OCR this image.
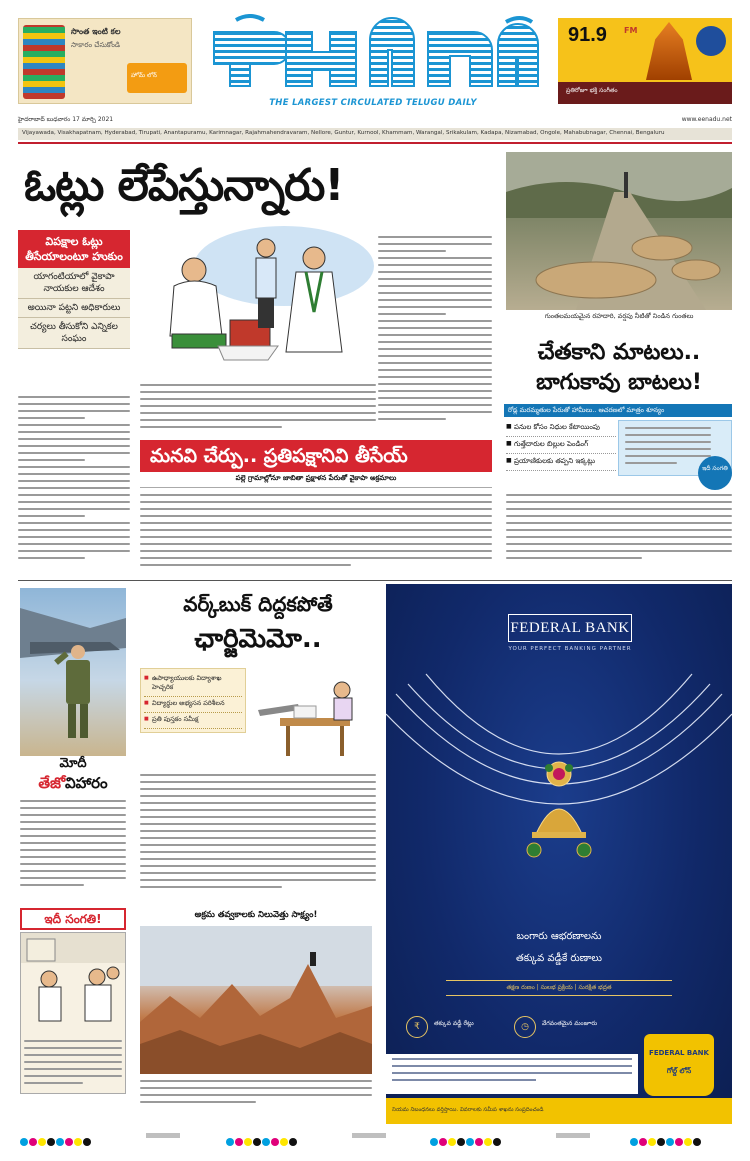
సొంత ఇంటి కల
సాకారం చేసుకోండి
హోమ్ లోన్
THE LARGEST CIRCULATED TELUGU DAILY
91.9 FM
ప్రతిరోజూ భక్తి సంగీతం
హైదరాబాద్ బుధవారం 17 మార్చి 2021	www.eenadu.net
Vijayawada, Visakhapatnam, Hyderabad, Tirupati, Anantapuramu, Karimnagar, Rajahmahendravaram, Nellore, Guntur, Kurnool, Khammam, Warangal, Srikakulam, Kadapa, Nizamabad, Ongole, Mahabubnagar, Chennai, Bengaluru
ఓట్లు లేపేస్తున్నారు!
విపక్షాల ఓట్లు తీసేయాలంటూ హుకుం
యాగంటియాలో వైకాపా నాయకుల ఆదేశం
అయినా పట్టని అధికారులు
చర్యలు తీసుకోని ఎన్నికల సంఘం
మనవి చేర్పు.. ప్రతిపక్షానివి తీసేయ్
పల్లె గ్రామాల్లోనూ జాబితా ప్రక్షాళన పేరుతో వైకాపా అక్రమాలు
గుంతలమయమైన రహదారి, వర్షపు నీటితో నిండిన గుంతలు
చేతకాని మాటలు..
బాగుకావు బాటలు!
రోడ్ల మరమ్మతుల పేరుతో హామీలు.. ఆచరణలో మాత్రం శూన్యం
■ పనుల కోసం నిధుల కేటాయింపు
■ గుత్తేదారుల బిల్లుల పెండింగ్
■ ప్రయాణికులకు తప్పని ఇక్కట్లు
ఇదీ సంగతి
మోదీ
తేజోవిహారం
వర్క్‌బుక్ దిద్దకపోతే
ఛార్జిమెమో..
■ ఉపాధ్యాయులకు విద్యాశాఖ హెచ్చరిక
■ విద్యార్థుల అభ్యసన పరిశీలన
■ ప్రతి పుస్తకం సమీక్ష
FEDERAL BANK
YOUR PERFECT BANKING PARTNER
బంగారు ఆభరణాలను
తక్కువ వడ్డీకే రుణాలు
తక్షణ రుణం | సులభ ప్రక్రియ | సురక్షిత భద్రత
₹	తక్కువ వడ్డీ రేట్లు	◷	వేగవంతమైన మంజూరు
FEDERAL BANK
గోల్డ్ లోన్
నియమ నిబంధనలు వర్తిస్తాయి. వివరాలకు సమీప శాఖను సంప్రదించండి
ఇదీ సంగతి!	అక్రమ తవ్వకాలకు నిలువెత్తు సాక్ష్యం!
